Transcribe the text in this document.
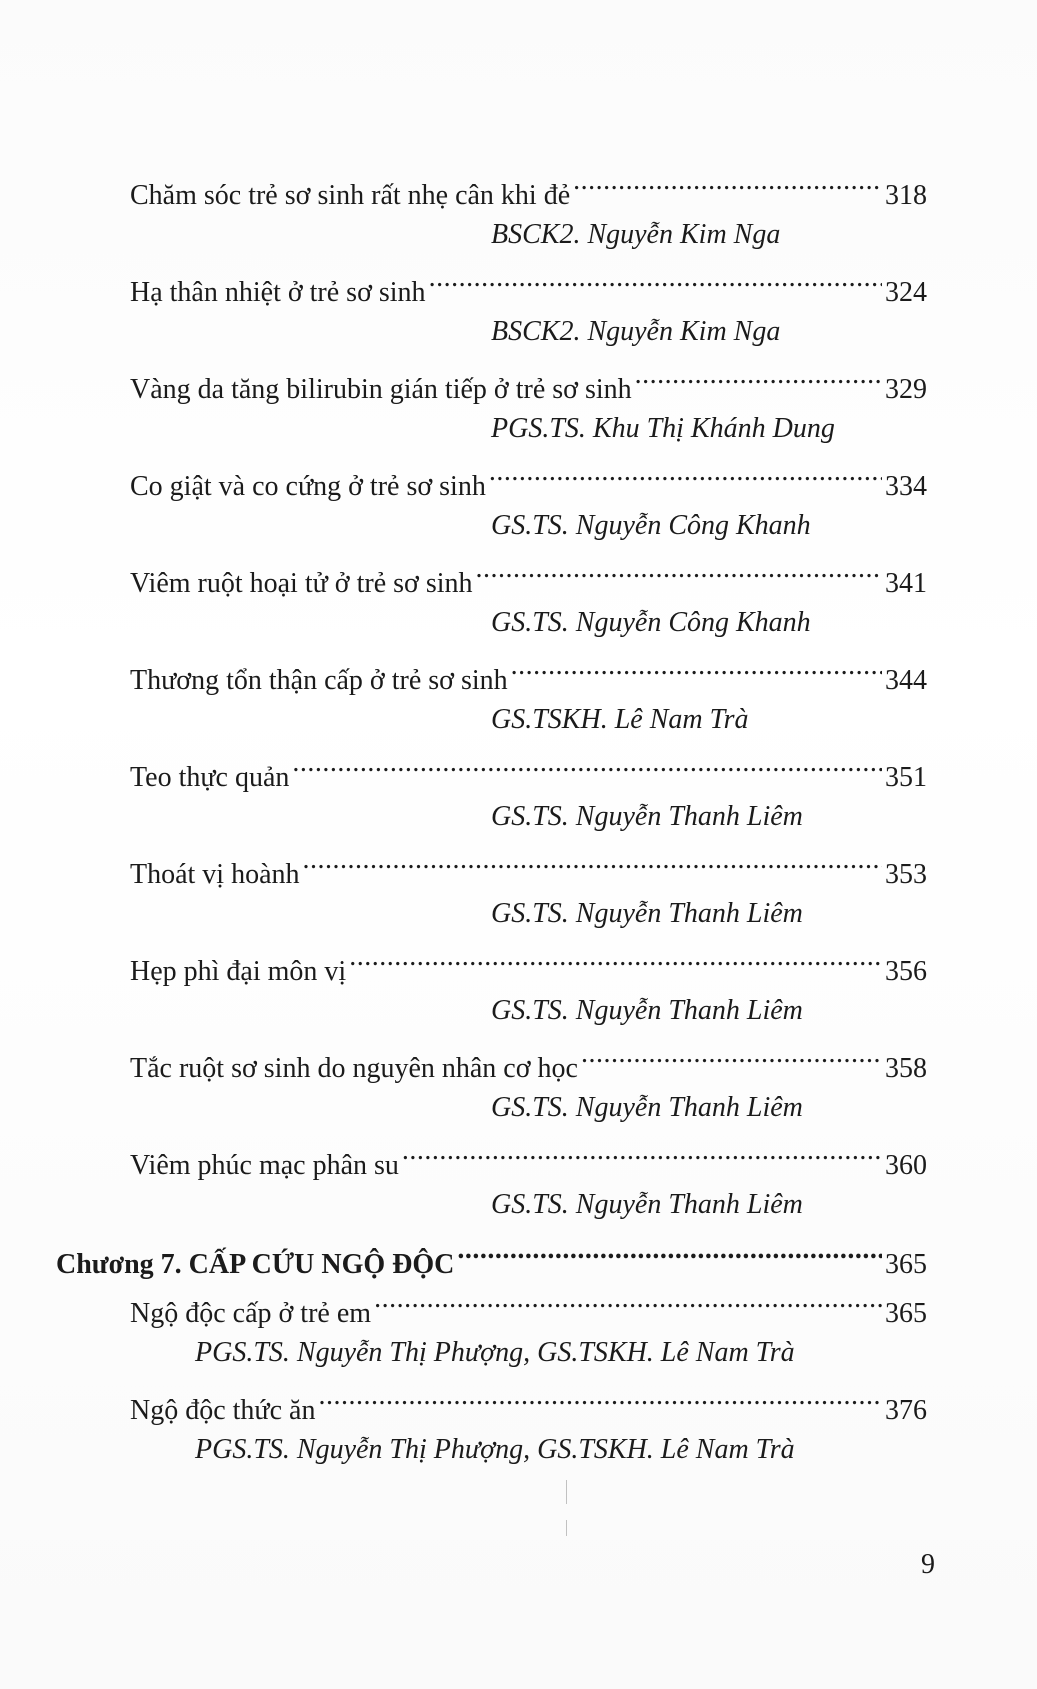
Chăm sóc trẻ sơ sinh rất nhẹ cân khi đẻ .....	318
BSCK2. Nguyễn Kim Nga
Hạ thân nhiệt ở trẻ sơ sinh .....	324
BSCK2. Nguyễn Kim Nga
Vàng da tăng bilirubin gián tiếp ở trẻ sơ sinh .....	329
PGS.TS. Khu Thị Khánh Dung
Co giật và co cứng ở trẻ sơ sinh .....	334
GS.TS. Nguyễn Công Khanh
Viêm ruột hoại tử ở trẻ sơ sinh .....	341
GS.TS. Nguyễn Công Khanh
Thương tổn thận cấp ở trẻ sơ sinh .....	344
GS.TSKH. Lê Nam Trà
Teo thực quản .....	351
GS.TS. Nguyễn Thanh Liêm
Thoát vị hoành .....	353
GS.TS. Nguyễn Thanh Liêm
Hẹp phì đại môn vị .....	356
GS.TS. Nguyễn Thanh Liêm
Tắc ruột sơ sinh do nguyên nhân cơ học .....	358
GS.TS. Nguyễn Thanh Liêm
Viêm phúc mạc phân su .....	360
GS.TS. Nguyễn Thanh Liêm
Chương 7. CẤP CỨU NGỘ ĐỘC .....	365
Ngộ độc cấp ở trẻ em .....	365
PGS.TS. Nguyễn Thị Phượng, GS.TSKH. Lê Nam Trà
Ngộ độc thức ăn .....	376
PGS.TS. Nguyễn Thị Phượng, GS.TSKH. Lê Nam Trà
9
